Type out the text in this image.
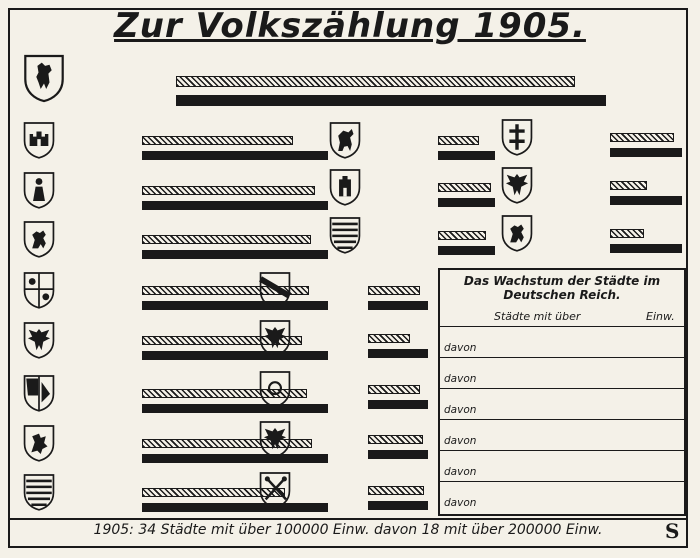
Zur Volkszählung 1905.
Das Wachstum der Städte im Deutschen Reich.
Städte mit über	Einw.
davon
davon
davon
davon
davon
davon
1905: 34 Städte mit über 100000 Einw. davon 18 mit über 200000 Einw.	S
